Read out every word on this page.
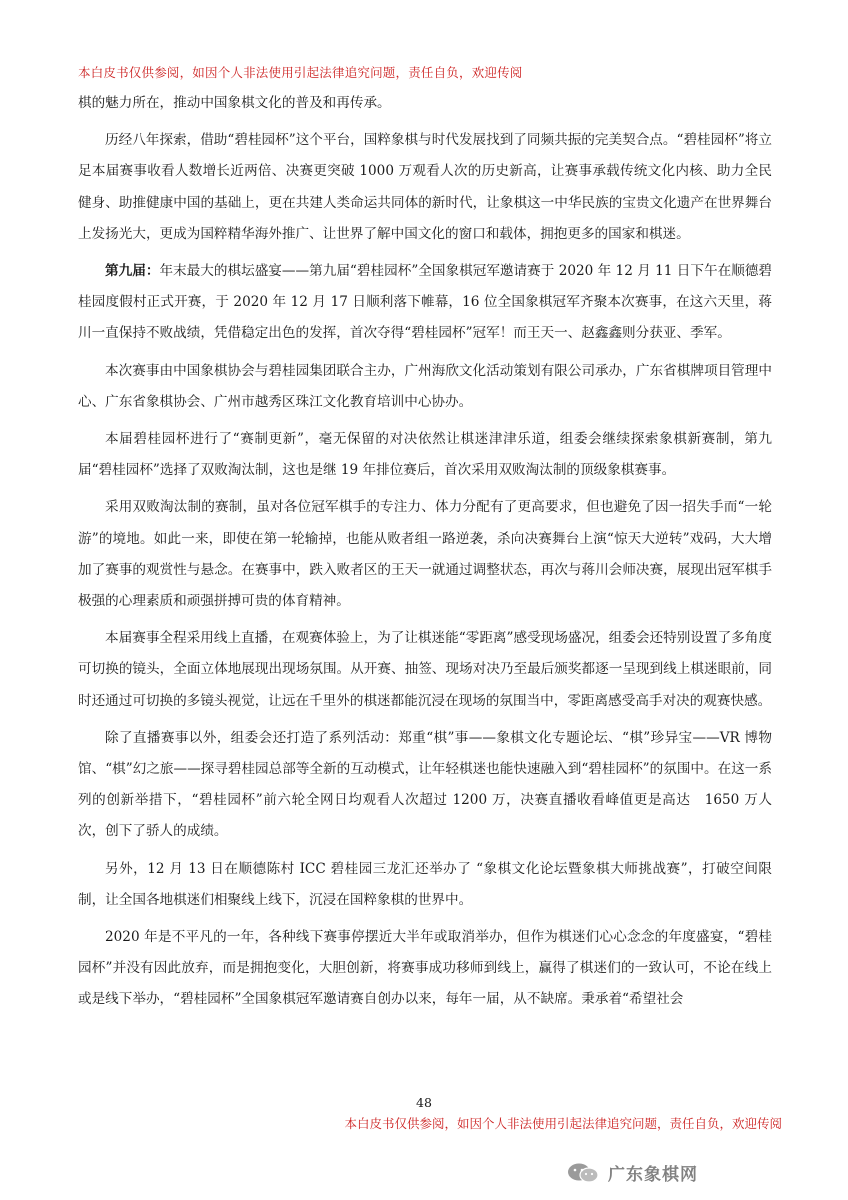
本白皮书仅供参阅，如因个人非法使用引起法律追究问题，责任自负，欢迎传阅

棋的魅力所在，推动中国象棋文化的普及和再传承。

历经八年探索，借助“碧桂园杯”这个平台，国粹象棋与时代发展找到了同频共振的完美契合点。“碧桂园杯”将立足本届赛事收看人数增长近两倍、决赛更突破 1000 万观看人次的历史新高，让赛事承载传统文化内核、助力全民健身、助推健康中国的基础上，更在共建人类命运共同体的新时代，让象棋这一中华民族的宝贵文化遗产在世界舞台上发扬光大，更成为国粹精华海外推广、让世界了解中国文化的窗口和载体，拥抱更多的国家和棋迷。

第九届：年末最大的棋坛盛宴——第九届“碧桂园杯”全国象棋冠军邀请赛于 2020 年 12 月 11 日下午在顺德碧桂园度假村正式开赛，于 2020 年 12 月 17 日顺利落下帷幕，16 位全国象棋冠军齐聚本次赛事，在这六天里，蒋川一直保持不败战绩，凭借稳定出色的发挥，首次夺得“碧桂园杯”冠军！而王天一、赵鑫鑫则分获亚、季军。

本次赛事由中国象棋协会与碧桂园集团联合主办，广州海欣文化活动策划有限公司承办，广东省棋牌项目管理中心、广东省象棋协会、广州市越秀区珠江文化教育培训中心协办。

本届碧桂园杯进行了“赛制更新”，毫无保留的对决依然让棋迷津津乐道，组委会继续探索象棋新赛制，第九届“碧桂园杯”选择了双败淘汰制，这也是继 19 年排位赛后，首次采用双败淘汰制的顶级象棋赛事。

采用双败淘汰制的赛制，虽对各位冠军棋手的专注力、体力分配有了更高要求，但也避免了因一招失手而“一轮游”的境地。如此一来，即使在第一轮输掉，也能从败者组一路逆袭，杀向决赛舞台上演“惊天大逆转”戏码，大大增加了赛事的观赏性与悬念。在赛事中，跌入败者区的王天一就通过调整状态，再次与蒋川会师决赛，展现出冠军棋手极强的心理素质和顽强拼搏可贵的体育精神。

本届赛事全程采用线上直播，在观赛体验上，为了让棋迷能“零距离”感受现场盛况，组委会还特别设置了多角度可切换的镜头，全面立体地展现出现场氛围。从开赛、抽签、现场对决乃至最后颁奖都逐一呈现到线上棋迷眼前，同时还通过可切换的多镜头视觉，让远在千里外的棋迷都能沉浸在现场的氛围当中，零距离感受高手对决的观赛快感。

除了直播赛事以外，组委会还打造了系列活动：郑重“棋”事——象棋文化专题论坛、“棋”珍异宝——VR 博物馆、“棋”幻之旅——探寻碧桂园总部等全新的互动模式，让年轻棋迷也能快速融入到“碧桂园杯”的氛围中。在这一系列的创新举措下，“碧桂园杯”前六轮全网日均观看人次超过 1200 万，决赛直播收看峰值更是高达　1650 万人次，创下了骄人的成绩。

另外，12 月 13 日在顺德陈村 ICC 碧桂园三龙汇还举办了 “象棋文化论坛暨象棋大师挑战赛”，打破空间限制，让全国各地棋迷们相聚线上线下，沉浸在国粹象棋的世界中。

2020 年是不平凡的一年，各种线下赛事停摆近大半年或取消举办，但作为棋迷们心心念念的年度盛宴，“碧桂园杯”并没有因此放弃，而是拥抱变化，大胆创新，将赛事成功移师到线上，赢得了棋迷们的一致认可，不论在线上或是线下举办，“碧桂园杯”全国象棋冠军邀请赛自创办以来，每年一届，从不缺席。秉承着“希望社会

48
本白皮书仅供参阅，如因个人非法使用引起法律追究问题，责任自负，欢迎传阅
广东象棋网
